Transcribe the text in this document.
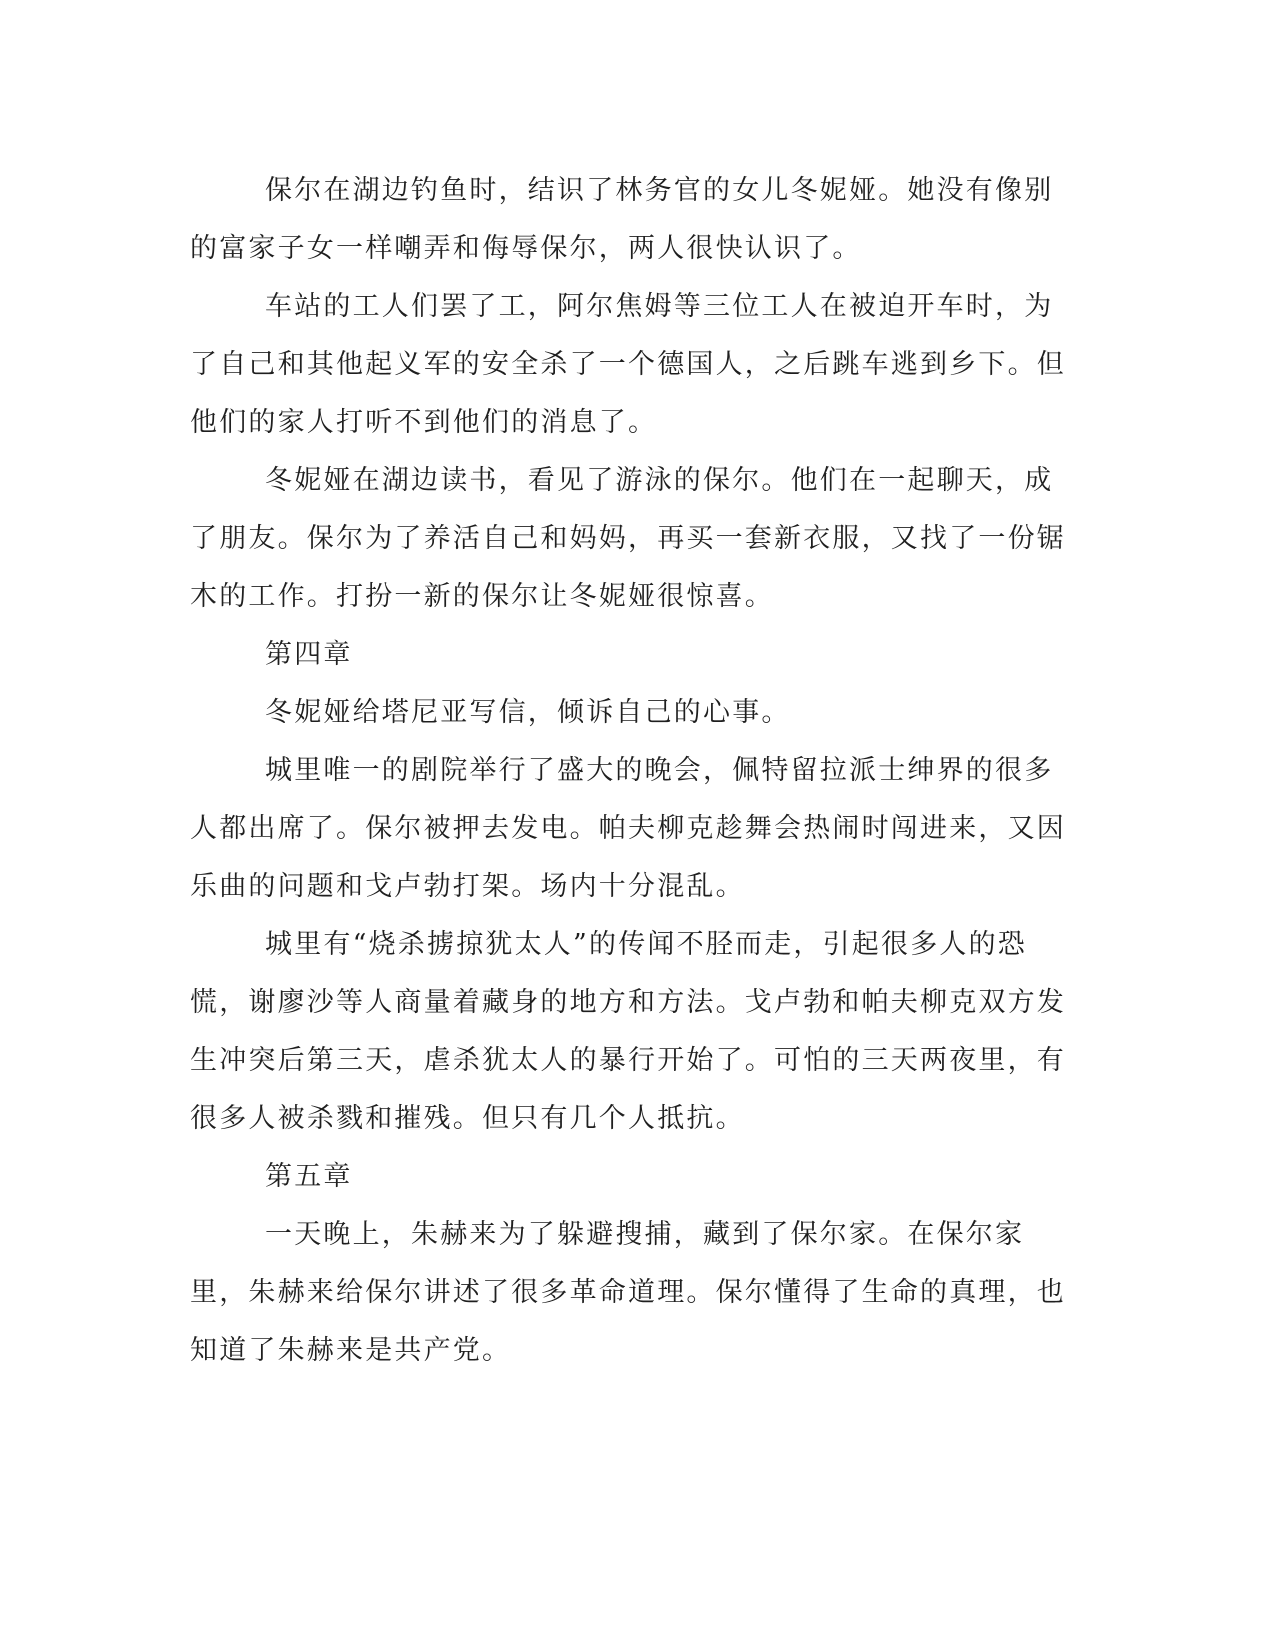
保尔在湖边钓鱼时，结识了林务官的女儿冬妮娅。她没有像别的富家子女一样嘲弄和侮辱保尔，两人很快认识了。

车站的工人们罢了工，阿尔焦姆等三位工人在被迫开车时，为了自己和其他起义军的安全杀了一个德国人，之后跳车逃到乡下。但他们的家人打听不到他们的消息了。

冬妮娅在湖边读书，看见了游泳的保尔。他们在一起聊天，成了朋友。保尔为了养活自己和妈妈，再买一套新衣服，又找了一份锯木的工作。打扮一新的保尔让冬妮娅很惊喜。

第四章

冬妮娅给塔尼亚写信，倾诉自己的心事。

城里唯一的剧院举行了盛大的晚会，佩特留拉派士绅界的很多人都出席了。保尔被押去发电。帕夫柳克趁舞会热闹时闯进来，又因乐曲的问题和戈卢勃打架。场内十分混乱。

城里有“烧杀掳掠犹太人”的传闻不胫而走，引起很多人的恐慌，谢廖沙等人商量着藏身的地方和方法。戈卢勃和帕夫柳克双方发生冲突后第三天，虐杀犹太人的暴行开始了。可怕的三天两夜里，有很多人被杀戮和摧残。但只有几个人抵抗。

第五章

一天晚上，朱赫来为了躲避搜捕，藏到了保尔家。在保尔家里，朱赫来给保尔讲述了很多革命道理。保尔懂得了生命的真理，也知道了朱赫来是共产党。
